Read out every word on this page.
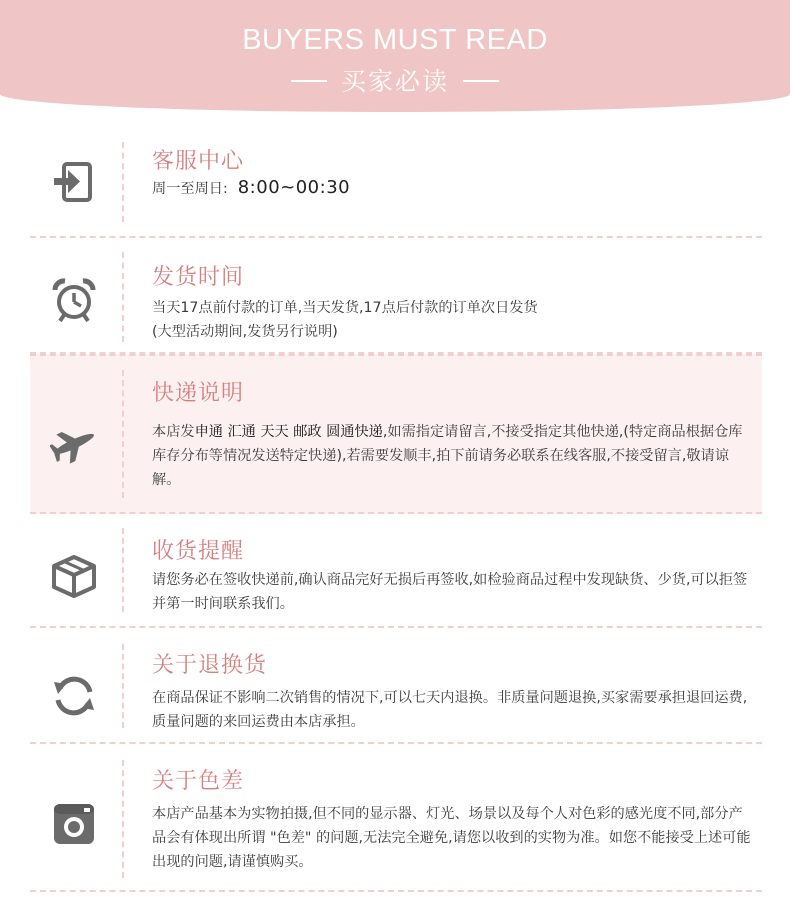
BUYERS MUST READ
买家必读
客服中心
周一至周日: 8:00~00:30
发货时间
当天17点前付款的订单,当天发货,17点后付款的订单次日发货
(大型活动期间,发货另行说明)
快递说明
本店发申通 汇通 天天 邮政 圆通快递,如需指定请留言,不接受指定其他快递,(特定商品根据仓库库存分布等情况发送特定快递),若需要发顺丰,拍下前请务必联系在线客服,不接受留言,敬请谅解。
收货提醒
请您务必在签收快递前,确认商品完好无损后再签收,如检验商品过程中发现缺货、少货,可以拒签并第一时间联系我们。
关于退换货
在商品保证不影响二次销售的情况下,可以七天内退换。非质量问题退换,买家需要承担退回运费,质量问题的来回运费由本店承担。
关于色差
本店产品基本为实物拍摄,但不同的显示器、灯光、场景以及每个人对色彩的感光度不同,部分产品会有体现出所谓 "色差" 的问题,无法完全避免,请您以收到的实物为准。如您不能接受上述可能出现的问题,请谨慎购买。
